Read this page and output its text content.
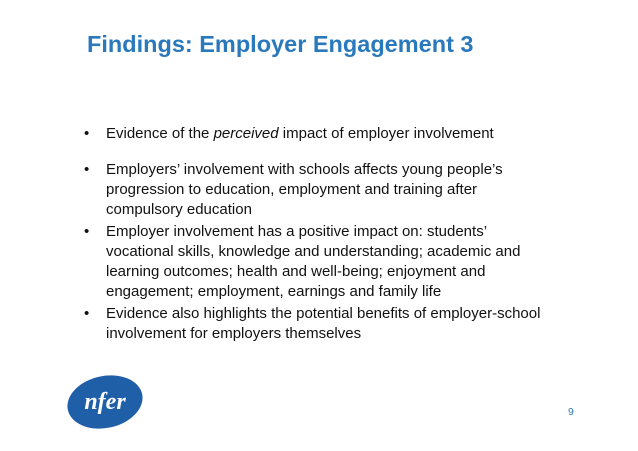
Findings: Employer Engagement 3
• Evidence of the perceived impact of employer involvement
• Employers’ involvement with schools affects young people’s progression to education, employment and training after compulsory education
• Employer involvement has a positive impact on: students’ vocational skills, knowledge and understanding; academic and learning outcomes; health and well-being; enjoyment and engagement; employment, earnings and family life
• Evidence also highlights the potential benefits of employer-school involvement for employers themselves
nfer	9
